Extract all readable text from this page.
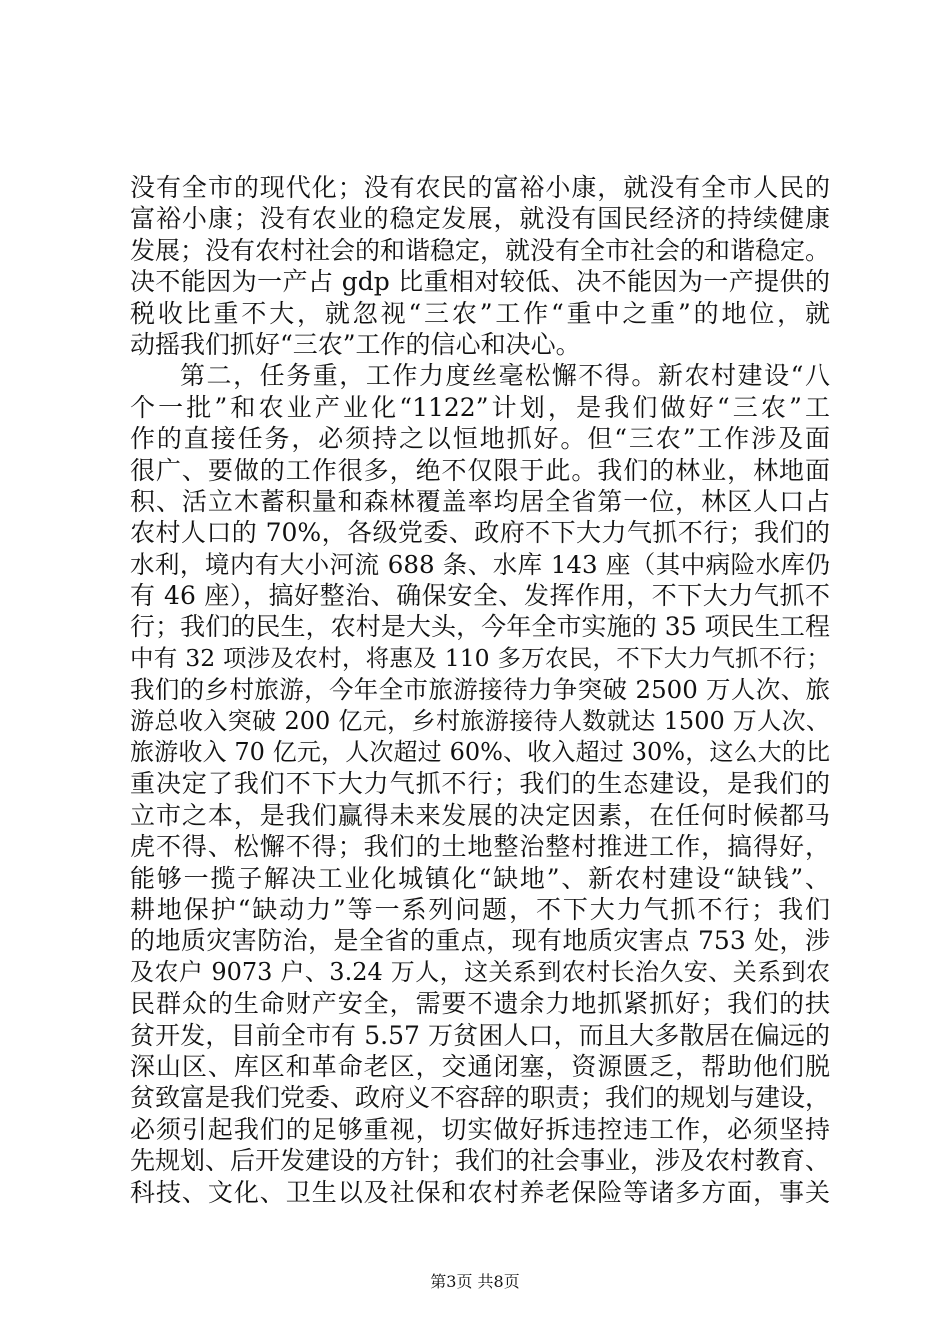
没有全市的现代化；没有农民的富裕小康，就没有全市人民的
富裕小康；没有农业的稳定发展，就没有国民经济的持续健康
发展；没有农村社会的和谐稳定，就没有全市社会的和谐稳定。
决不能因为一产占 gdp 比重相对较低、决不能因为一产提供的
税收比重不大，就忽视“三农”工作“重中之重”的地位，就
动摇我们抓好“三农”工作的信心和决心。
第二，任务重，工作力度丝毫松懈不得。新农村建设“八
个一批”和农业产业化“1122”计划，是我们做好“三农”工
作的直接任务，必须持之以恒地抓好。但“三农”工作涉及面
很广、要做的工作很多，绝不仅限于此。我们的林业，林地面
积、活立木蓄积量和森林覆盖率均居全省第一位，林区人口占
农村人口的 70%，各级党委、政府不下大力气抓不行；我们的
水利，境内有大小河流 688 条、水库 143 座（其中病险水库仍
有 46 座），搞好整治、确保安全、发挥作用，不下大力气抓不
行；我们的民生，农村是大头，今年全市实施的 35 项民生工程
中有 32 项涉及农村，将惠及 110 多万农民，不下大力气抓不行；
我们的乡村旅游，今年全市旅游接待力争突破 2500 万人次、旅
游总收入突破 200 亿元，乡村旅游接待人数就达 1500 万人次、
旅游收入 70 亿元，人次超过 60%、收入超过 30%，这么大的比
重决定了我们不下大力气抓不行；我们的生态建设，是我们的
立市之本，是我们赢得未来发展的决定因素，在任何时候都马
虎不得、松懈不得；我们的土地整治整村推进工作，搞得好，
能够一揽子解决工业化城镇化“缺地”、新农村建设“缺钱”、
耕地保护“缺动力”等一系列问题，不下大力气抓不行；我们
的地质灾害防治，是全省的重点，现有地质灾害点 753 处，涉
及农户 9073 户、3.24 万人，这关系到农村长治久安、关系到农
民群众的生命财产安全，需要不遗余力地抓紧抓好；我们的扶
贫开发，目前全市有 5.57 万贫困人口，而且大多散居在偏远的
深山区、库区和革命老区，交通闭塞，资源匮乏，帮助他们脱
贫致富是我们党委、政府义不容辞的职责；我们的规划与建设，
必须引起我们的足够重视，切实做好拆违控违工作，必须坚持
先规划、后开发建设的方针；我们的社会事业，涉及农村教育、
科技、文化、卫生以及社保和农村养老保险等诸多方面，事关
第3页 共8页
